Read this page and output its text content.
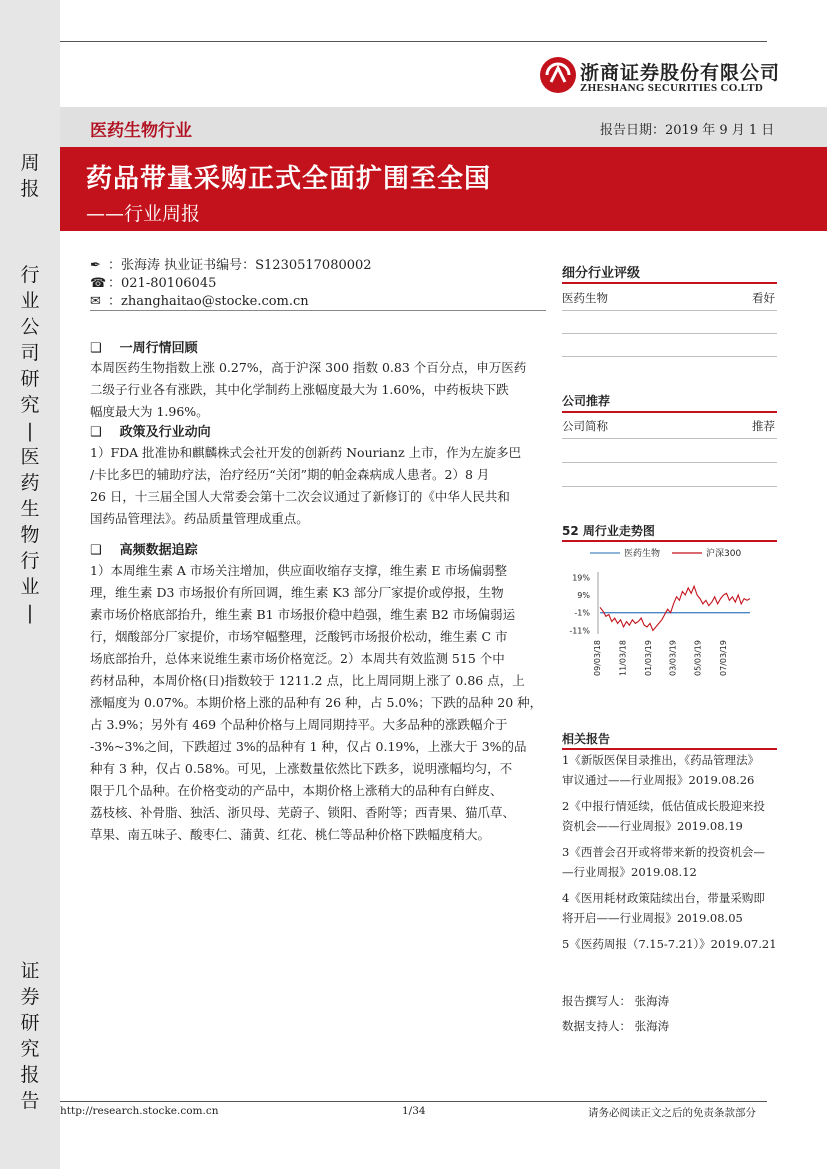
周
报
行
业
公
司
研
究
|
医
药
生
物
行
业
|
证
券
研
究
报
告
浙商证券股份有限公司
ZHESHANG SECURITIES CO.LTD
医药生物行业	报告日期：2019 年 9 月 1 日
药品带量采购正式全面扩围至全国
——行业周报
✒ ：张海涛 执业证书编号：S1230517080002
☎ ：021-80106045
✉ ：zhanghaitao@stocke.com.cn
❑ 一周行情回顾
本周医药生物指数上涨 0.27%，高于沪深 300 指数 0.83 个百分点，申万医药
二级子行业各有涨跌，其中化学制药上涨幅度最大为 1.60%，中药板块下跌
幅度最大为 1.96%。
❑ 政策及行业动向
1）FDA 批准协和麒麟株式会社开发的创新药 Nourianz 上市，作为左旋多巴
/卡比多巴的辅助疗法，治疗经历“关闭”期的帕金森病成人患者。2）8 月
26 日，十三届全国人大常委会第十二次会议通过了新修订的《中华人民共和
国药品管理法》。药品质量管理成重点。
❑ 高频数据追踪
1）本周维生素 A 市场关注增加，供应面收缩存支撑，维生素 E 市场偏弱整
理，维生素 D3 市场报价有所回调，维生素 K3 部分厂家提价或停报，生物
素市场价格底部抬升，维生素 B1 市场报价稳中趋强，维生素 B2 市场偏弱运
行，烟酸部分厂家提价，市场窄幅整理，泛酸钙市场报价松动，维生素 C 市
场底部抬升，总体来说维生素市场价格宽泛。2）本周共有效监测 515 个中
药材品种，本周价格(日)指数较于 1211.2 点，比上周同期上涨了 0.86 点，上
涨幅度为 0.07%。本期价格上涨的品种有 26 种，占 5.0%；下跌的品种 20 种，
占 3.9%；另外有 469 个品种价格与上周同期持平。大多品种的涨跌幅介于
-3%~3%之间，下跌超过 3%的品种有 1 种，仅占 0.19%，上涨大于 3%的品
种有 3 种，仅占 0.58%。可见，上涨数量依然比下跌多，说明涨幅均匀，不
限于几个品种。在价格变动的产品中，本期价格上涨稍大的品种有白鲜皮、
荔枝核、补骨脂、独活、浙贝母、芜蔚子、锁阳、香附等；西青果、猫爪草、
草果、南五味子、酸枣仁、蒲黄、红花、桃仁等品种价格下跌幅度稍大。
细分行业评级
医药生物	看好
公司推荐
公司简称	推荐
52 周行业走势图
医药生物	沪深300
19%
9%
-1%
-11%
09/03/18 11/03/18 01/03/19 03/03/19 05/03/19 07/03/19
相关报告
1《新版医保目录推出，《药品管理法》
审议通过——行业周报》2019.08.26
2《中报行情延续，低估值成长股迎来投
资机会——行业周报》2019.08.19
3《西普会召开或将带来新的投资机会—
—行业周报》2019.08.12
4《医用耗材政策陆续出台，带量采购即
将开启——行业周报》2019.08.05
5《医药周报（7.15-7.21）》2019.07.21
报告撰写人： 张海涛
数据支持人： 张海涛
http://research.stocke.com.cn	1/34	请务必阅读正文之后的免责条款部分
